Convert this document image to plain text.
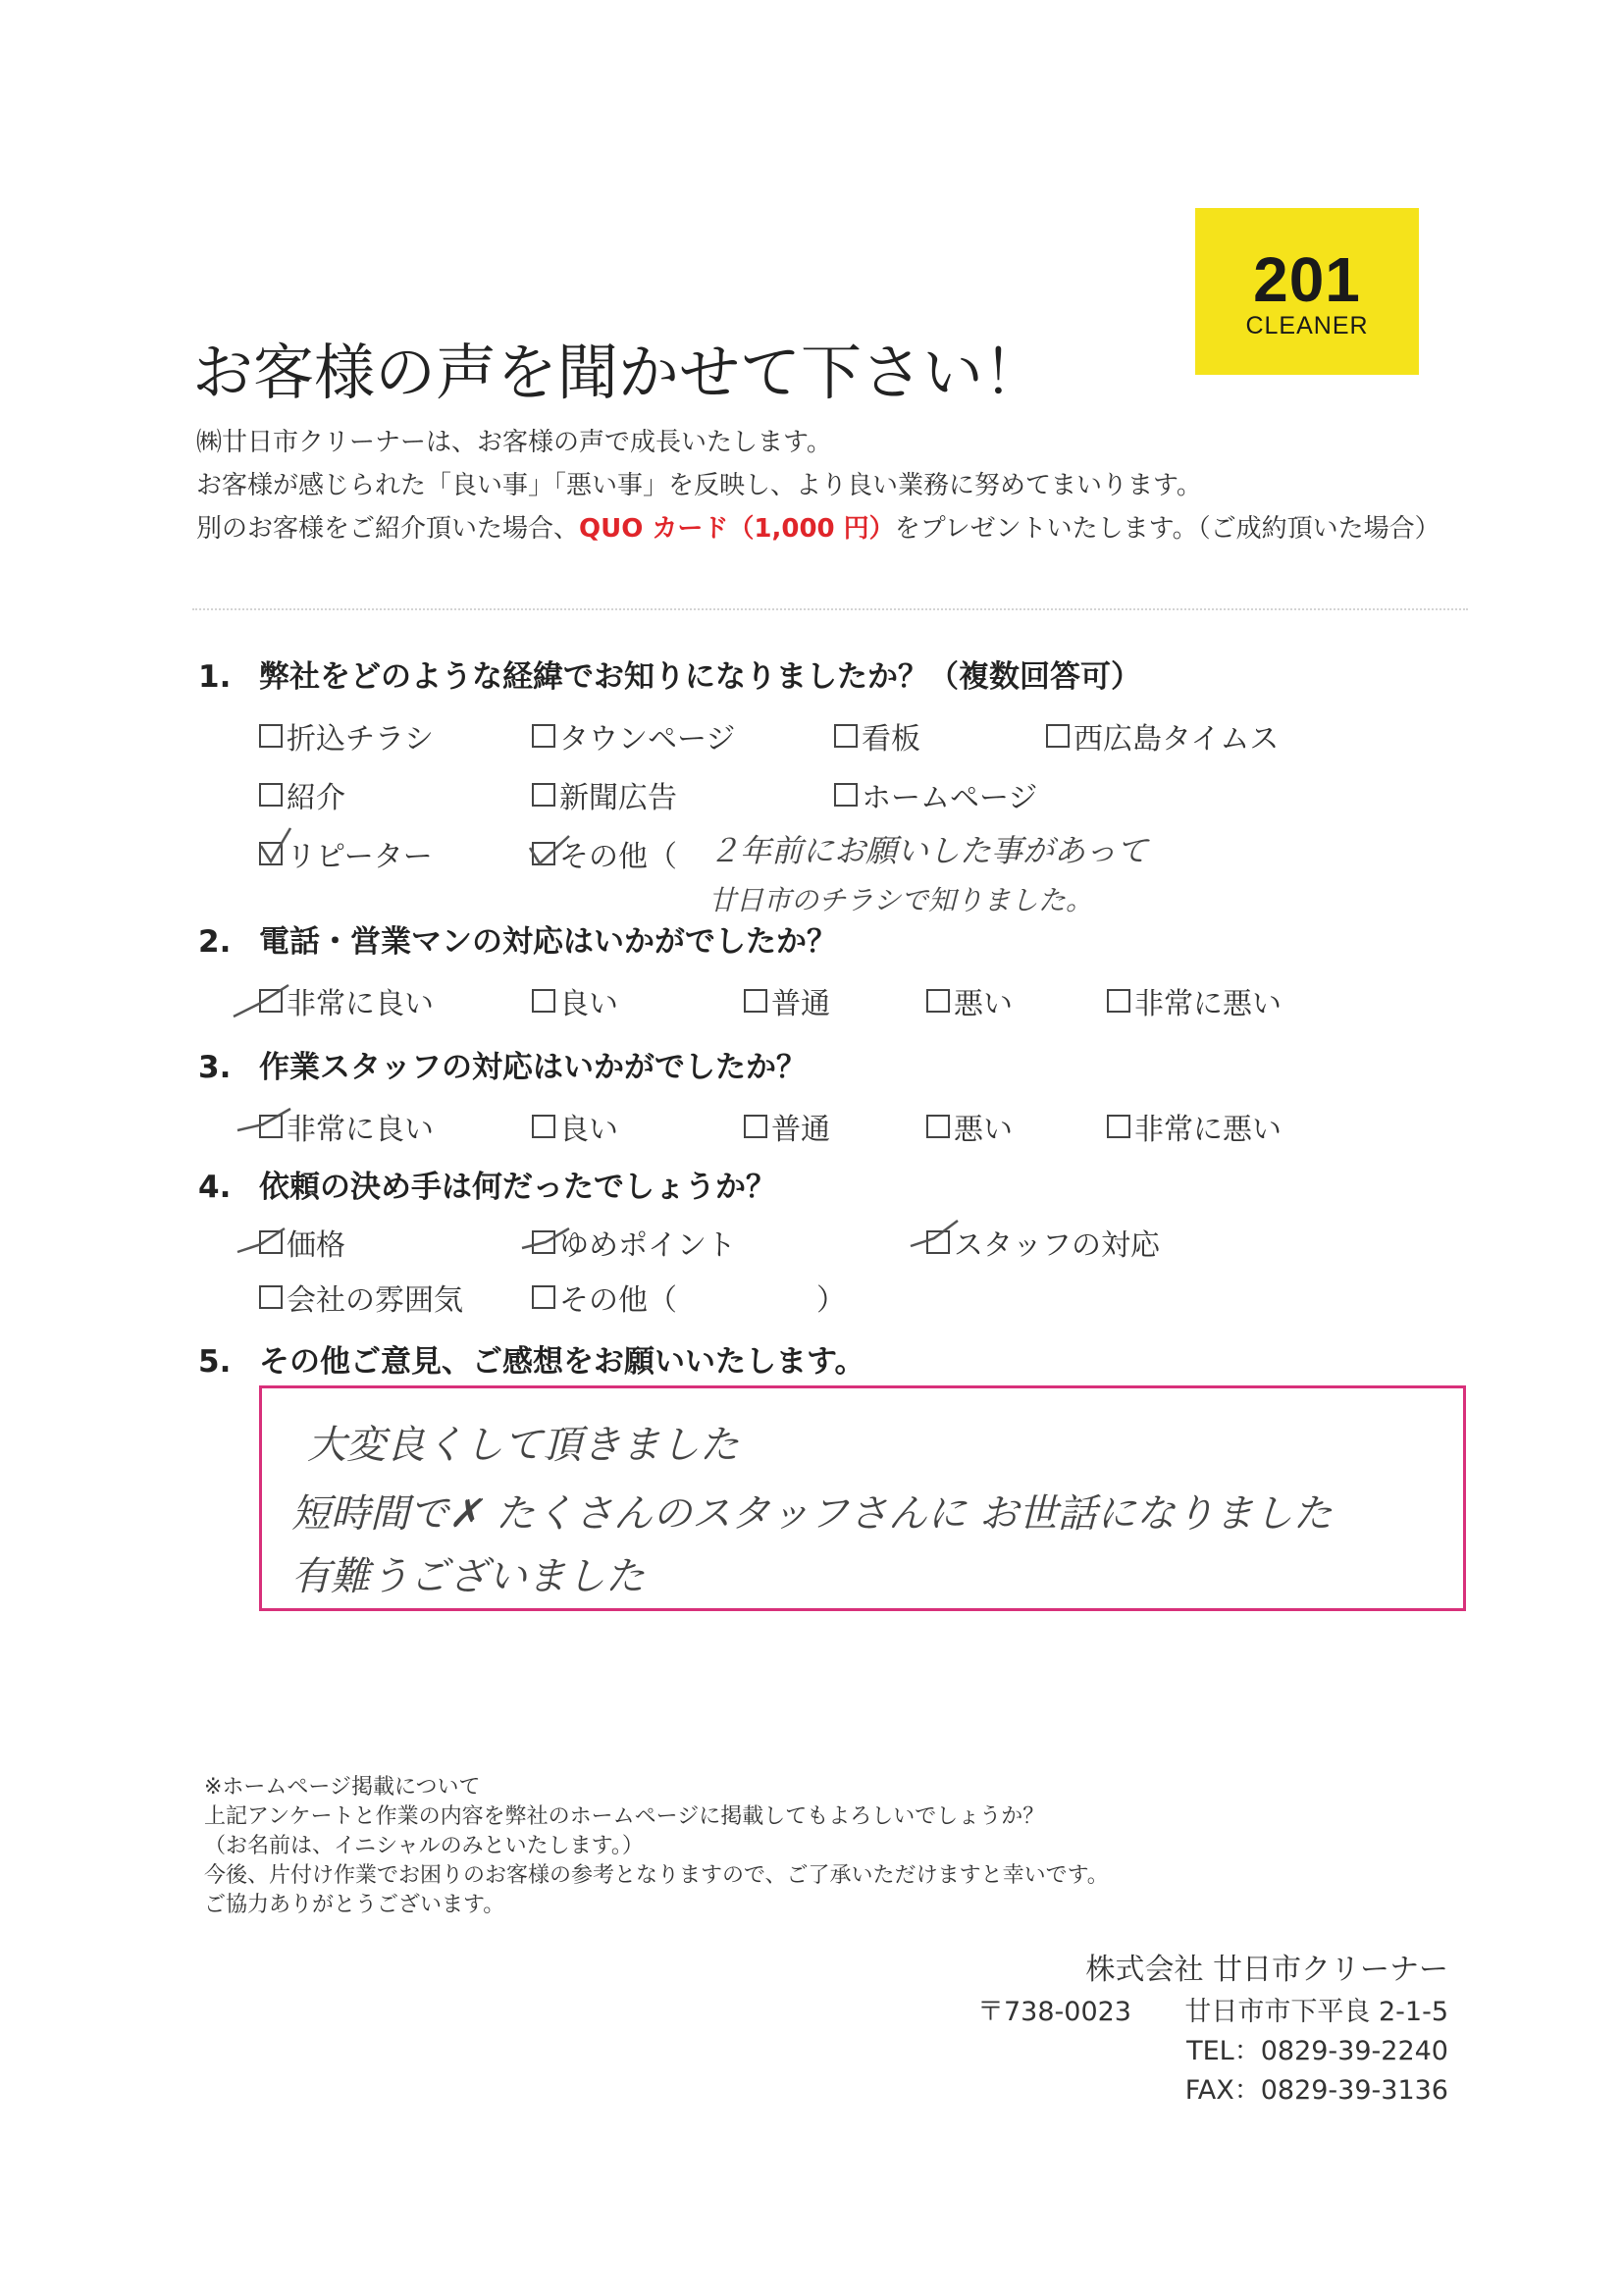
201
CLEANER
お客様の声を聞かせて下さい！
㈱廿日市クリーナーは、お客様の声で成長いたします。
お客様が感じられた「良い事」「悪い事」を反映し、より良い業務に努めてまいります。
別のお客様をご紹介頂いた場合、QUO カード（1,000 円）をプレゼントいたします。（ご成約頂いた場合）
1. 弊社をどのような経緯でお知りになりましたか？（複数回答可）
折込チラシ	タウンページ	看板	西広島タイムス
紹介	新聞広告	ホームページ
リピーター	その他（ ２年前にお願いした事があって
廿日市のチラシで知りました。
2. 電話・営業マンの対応はいかがでしたか？
非常に良い	良い	普通	悪い	非常に悪い
3. 作業スタッフの対応はいかがでしたか？
非常に良い	良い	普通	悪い	非常に悪い
4. 依頼の決め手は何だったでしょうか？
価格	ゆめポイント	スタッフの対応
会社の雰囲気	その他（	）
5. その他ご意見、ご感想をお願いいたします。
大変良くして頂きました
短時間で✗ たくさんのスタッフさんに お世話になりました
有難うございました
※ホームページ掲載について
上記アンケートと作業の内容を弊社のホームページに掲載してもよろしいでしょうか？
（お名前は、イニシャルのみといたします。）
今後、片付け作業でお困りのお客様の参考となりますので、ご了承いただけますと幸いです。
ご協力ありがとうございます。
株式会社 廿日市クリーナー
〒738-0023 廿日市市下平良 2-1-5
TEL：0829-39-2240
FAX：0829-39-3136
